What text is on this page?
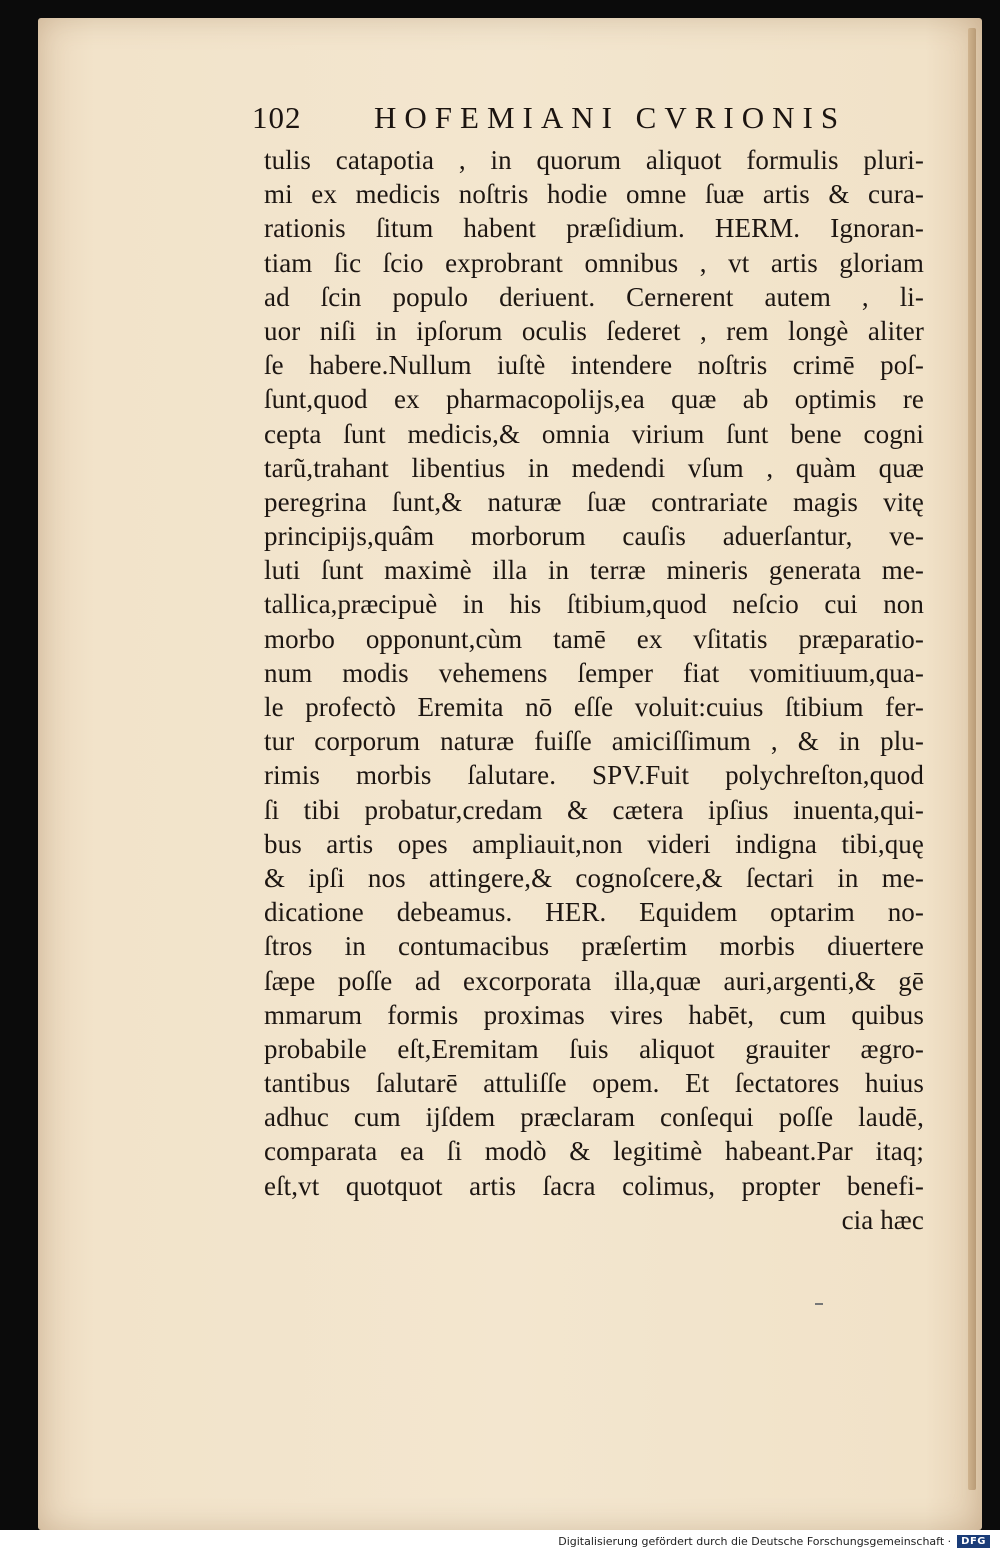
102 HOFEMIANI CVRIONIS
tulis catapotia , in quorum aliquot formulis pluri-
mi ex medicis noſtris hodie omne ſuæ artis & cura-
rationis ſitum habent præſidium. HERM. Ignoran-
tiam ſic ſcio exprobrant omnibus , vt artis gloriam
ad ſcin populo deriuent. Cernerent autem , li-
uor niſi in ipſorum oculis ſederet , rem longè aliter
ſe habere.Nullum iuſtè intendere noſtris crimē poſ-
ſunt,quod ex pharmacopolijs,ea quæ ab optimis re
cepta ſunt medicis,& omnia virium ſunt bene cogni
tarũ,trahant libentius in medendi vſum , quàm quæ
peregrina ſunt,& naturæ ſuæ contrariate magis vitę
principijs,quâm morborum cauſis aduerſantur, ve-
luti ſunt maximè illa in terræ mineris generata me-
tallica,præcipuè in his ſtibium,quod neſcio cui non
morbo opponunt,cùm tamē ex vſitatis præparatio-
num modis vehemens ſemper fiat vomitiuum,qua-
le profectò Eremita nō eſſe voluit:cuius ſtibium fer-
tur corporum naturæ fuiſſe amiciſſimum , & in plu-
rimis morbis ſalutare. SPV.Fuit polychreſton,quod
ſi tibi probatur,credam & cætera ipſius inuenta,qui-
bus artis opes ampliauit,non videri indigna tibi,quę
& ipſi nos attingere,& cognoſcere,& ſectari in me-
dicatione debeamus. HER. Equidem optarim no-
ſtros in contumacibus præſertim morbis diuertere
ſæpe poſſe ad excorporata illa,quæ auri,argenti,& gē
mmarum formis proximas vires habēt, cum quibus
probabile eſt,Eremitam ſuis aliquot grauiter ægro-
tantibus ſalutarē attuliſſe opem. Et ſectatores huius
adhuc cum ijſdem præclaram conſequi poſſe laudē,
comparata ea ſi modò & legitimè habeant.Par itaq;
eſt,vt quotquot artis ſacra colimus, propter benefi-
cia hæc
Digitalisierung gefördert durch die Deutsche Forschungsgemeinschaft ·	DFG
